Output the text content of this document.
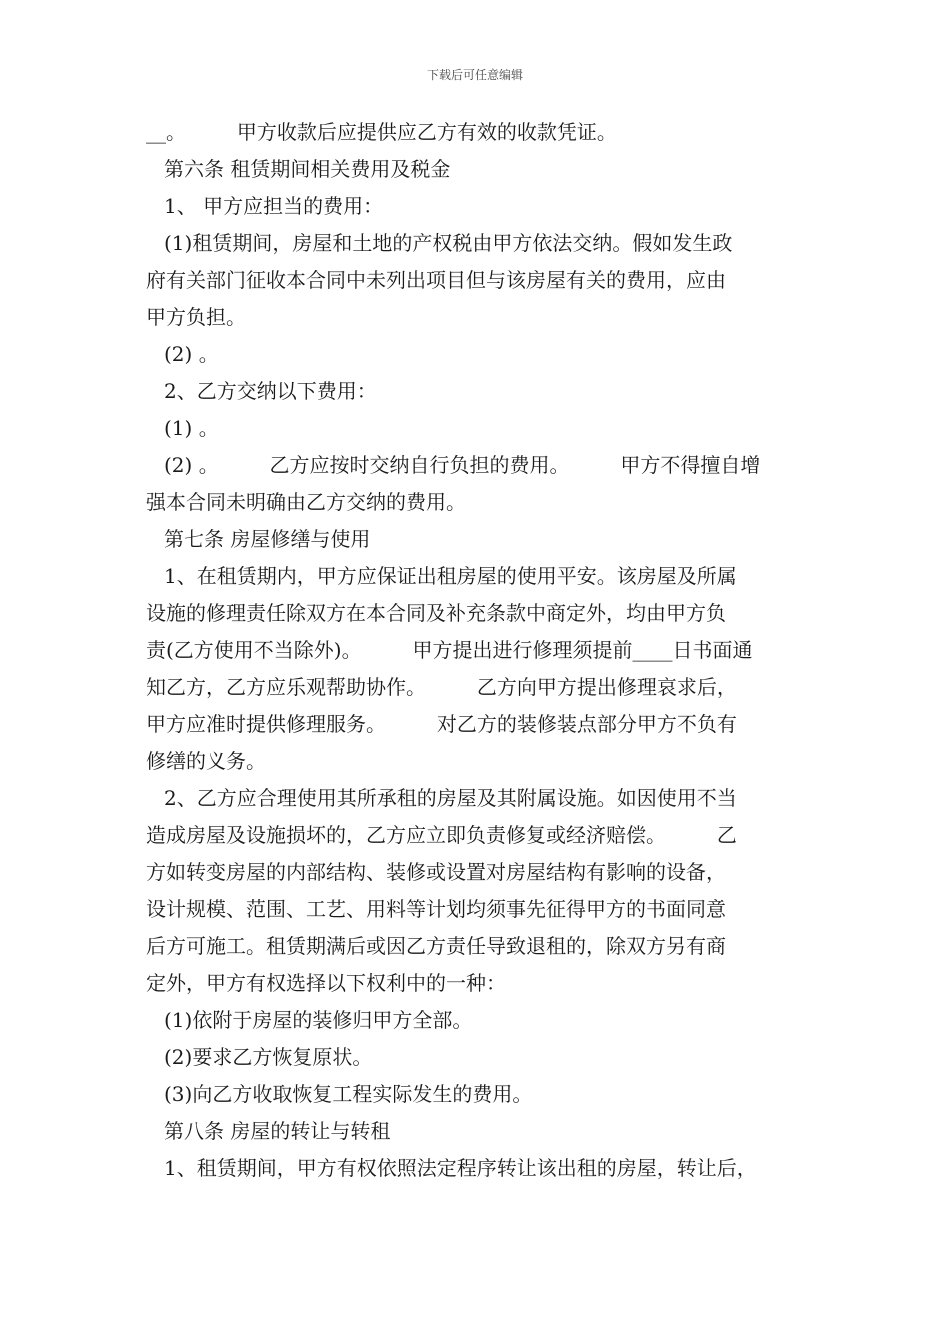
下载后可任意编辑
__。        甲方收款后应提供应乙方有效的收款凭证。
第六条 租赁期间相关费用及税金
1、 甲方应担当的费用：
(1)租赁期间，房屋和土地的产权税由甲方依法交纳。假如发生政
府有关部门征收本合同中未列出项目但与该房屋有关的费用，应由
甲方负担。
(2) 。
2、乙方交纳以下费用：
(1) 。
(2) 。        乙方应按时交纳自行负担的费用。        甲方不得擅自增
强本合同未明确由乙方交纳的费用。
第七条 房屋修缮与使用
1、在租赁期内，甲方应保证出租房屋的使用平安。该房屋及所属
设施的修理责任除双方在本合同及补充条款中商定外，均由甲方负
责(乙方使用不当除外)。        甲方提出进行修理须提前____日书面通
知乙方，乙方应乐观帮助协作。        乙方向甲方提出修理哀求后，
甲方应准时提供修理服务。        对乙方的装修装点部分甲方不负有
修缮的义务。
2、乙方应合理使用其所承租的房屋及其附属设施。如因使用不当
造成房屋及设施损坏的，乙方应立即负责修复或经济赔偿。        乙
方如转变房屋的内部结构、装修或设置对房屋结构有影响的设备，
设计规模、范围、工艺、用料等计划均须事先征得甲方的书面同意
后方可施工。租赁期满后或因乙方责任导致退租的，除双方另有商
定外，甲方有权选择以下权利中的一种：
(1)依附于房屋的装修归甲方全部。
(2)要求乙方恢复原状。
(3)向乙方收取恢复工程实际发生的费用。
第八条 房屋的转让与转租
1、租赁期间，甲方有权依照法定程序转让该出租的房屋，转让后，
